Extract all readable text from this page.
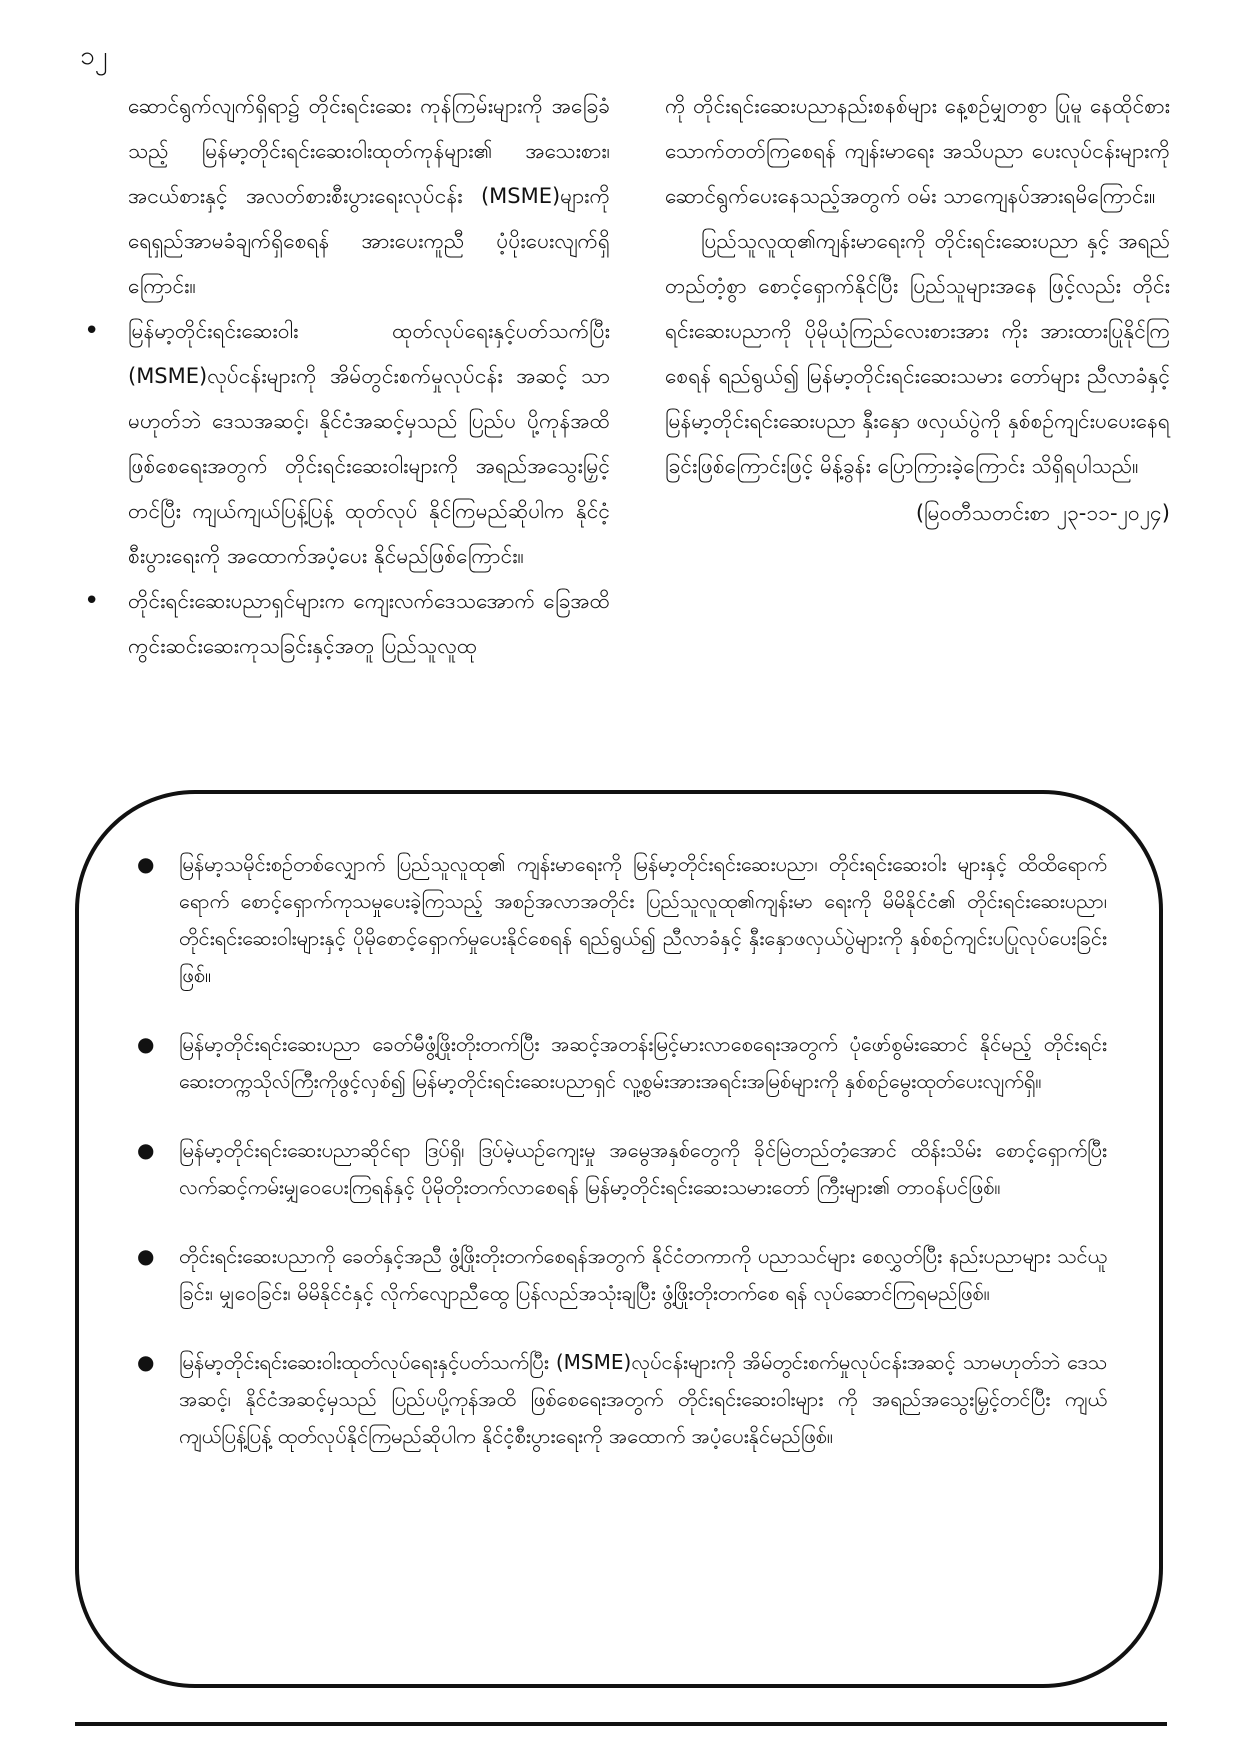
၁၂

ဆောင်ရွက်လျက်ရှိရာ၌ တိုင်းရင်းဆေး ကုန်ကြမ်းများကို အခြေခံသည့် မြန်မာ့တိုင်းရင်းဆေးဝါးထုတ်ကုန်များ၏ အသေးစား၊ အငယ်စားနှင့် အလတ်စားစီးပွားရေးလုပ်ငန်း (MSME)များကို ရေရှည်အာမခံချက်ရှိစေရန် အားပေးကူညီ ပံ့ပိုးပေးလျက်ရှိကြောင်း။

• မြန်မာ့တိုင်းရင်းဆေးဝါး ထုတ်လုပ်ရေးနှင့်ပတ်သက်ပြီး (MSME)လုပ်ငန်းများကို အိမ်တွင်းစက်မှုလုပ်ငန်း အဆင့် သာမဟုတ်ဘဲ ဒေသအဆင့်၊ နိုင်ငံအဆင့်မှသည် ပြည်ပ ပို့ကုန်အထိ ဖြစ်စေရေးအတွက် တိုင်းရင်းဆေးဝါးများကို အရည်အသွေးမြှင့်တင်ပြီး ကျယ်ကျယ်ပြန့်ပြန့် ထုတ်လုပ် နိုင်ကြမည်ဆိုပါက နိုင်ငံ့စီးပွားရေးကို အထောက်အပံ့ပေး နိုင်မည်ဖြစ်ကြောင်း။
• တိုင်းရင်းဆေးပညာရှင်များက ကျေးလက်ဒေသအောက် ခြေအထိ ကွင်းဆင်းဆေးကုသခြင်းနှင့်အတူ ပြည်သူလူထု

ကို တိုင်းရင်းဆေးပညာနည်းစနစ်များ နေ့စဉ်မျှတစွာ ပြုမူ နေထိုင်စားသောက်တတ်ကြစေရန် ကျန်းမာရေး အသိပညာ ပေးလုပ်ငန်းများကို ဆောင်ရွက်ပေးနေသည့်အတွက် ဝမ်း သာကျေနပ်အားရမိကြောင်း။

ပြည်သူလူထု၏ကျန်းမာရေးကို တိုင်းရင်းဆေးပညာ နှင့် အရည်တည်တံ့စွာ စောင့်ရှောက်နိုင်ပြီး ပြည်သူများအနေ ဖြင့်လည်း တိုင်းရင်းဆေးပညာကို ပိုမိုယုံကြည်လေးစားအား ကိုး အားထားပြုနိုင်ကြစေရန် ရည်ရွယ်၍ မြန်မာ့တိုင်းရင်းဆေးသမား တော်များ ညီလာခံနှင့် မြန်မာ့တိုင်းရင်းဆေးပညာ နှီးနှော ဖလှယ်ပွဲကို နှစ်စဉ်ကျင်းပပေးနေရခြင်းဖြစ်ကြောင်းဖြင့် မိန့်ခွန်း ပြောကြားခဲ့ကြောင်း သိရှိရပါသည်။

(မြဝတီသတင်းစာ ၂၃-၁၁-၂၀၂၄)

● မြန်မာ့သမိုင်းစဉ်တစ်လျှောက် ပြည်သူလူထု၏ ကျန်းမာရေးကို မြန်မာ့တိုင်းရင်းဆေးပညာ၊ တိုင်းရင်းဆေးဝါး များနှင့် ထိထိရောက်ရောက် စောင့်ရှောက်ကုသမှုပေးခဲ့ကြသည့် အစဉ်အလာအတိုင်း ပြည်သူလူထု၏ကျန်းမာ ရေးကို မိမိနိုင်ငံ၏ တိုင်းရင်းဆေးပညာ၊ တိုင်းရင်းဆေးဝါးများနှင့် ပိုမိုစောင့်ရှောက်မှုပေးနိုင်စေရန် ရည်ရွယ်၍ ညီလာခံနှင့် နှီးနှောဖလှယ်ပွဲများကို နှစ်စဉ်ကျင်းပပြုလုပ်ပေးခြင်းဖြစ်။
● မြန်မာ့တိုင်းရင်းဆေးပညာ ခေတ်မီဖွံ့ဖြိုးတိုးတက်ပြီး အဆင့်အတန်းမြင့်မားလာစေရေးအတွက် ပုံဖော်စွမ်းဆောင် နိုင်မည့် တိုင်းရင်းဆေးတက္ကသိုလ်ကြီးကိုဖွင့်လှစ်၍ မြန်မာ့တိုင်းရင်းဆေးပညာရှင် လူ့စွမ်းအားအရင်းအမြစ်များကို နှစ်စဉ်မွေးထုတ်ပေးလျက်ရှိ။
● မြန်မာ့တိုင်းရင်းဆေးပညာဆိုင်ရာ ဒြပ်ရှိ၊ ဒြပ်မဲ့ယဉ်ကျေးမှု အမွေအနှစ်တွေကို ခိုင်မြဲတည်တံ့အောင် ထိန်းသိမ်း စောင့်ရှောက်ပြီး လက်ဆင့်ကမ်းမျှဝေပေးကြရန်နှင့် ပိုမိုတိုးတက်လာစေရန် မြန်မာ့တိုင်းရင်းဆေးသမားတော် ကြီးများ၏ တာဝန်ပင်ဖြစ်။
● တိုင်းရင်းဆေးပညာကို ခေတ်နှင့်အညီ ဖွံ့ဖြိုးတိုးတက်စေရန်အတွက် နိုင်ငံတကာကို ပညာသင်များ စေလွှတ်ပြီး နည်းပညာများ သင်ယူခြင်း၊ မျှဝေခြင်း၊ မိမိနိုင်ငံနှင့် လိုက်လျောညီထွေ ပြန်လည်အသုံးချပြီး ဖွံ့ဖြိုးတိုးတက်စေ ရန် လုပ်ဆောင်ကြရမည်ဖြစ်။
● မြန်မာ့တိုင်းရင်းဆေးဝါးထုတ်လုပ်ရေးနှင့်ပတ်သက်ပြီး (MSME)လုပ်ငန်းများကို အိမ်တွင်းစက်မှုလုပ်ငန်းအဆင့် သာမဟုတ်ဘဲ ဒေသအဆင့်၊ နိုင်ငံအဆင့်မှသည် ပြည်ပပို့ကုန်အထိ ဖြစ်စေရေးအတွက် တိုင်းရင်းဆေးဝါးများ ကို အရည်အသွေးမြှင့်တင်ပြီး ကျယ်ကျယ်ပြန့်ပြန့် ထုတ်လုပ်နိုင်ကြမည်ဆိုပါက နိုင်ငံ့စီးပွားရေးကို အထောက် အပံ့ပေးနိုင်မည်ဖြစ်။
